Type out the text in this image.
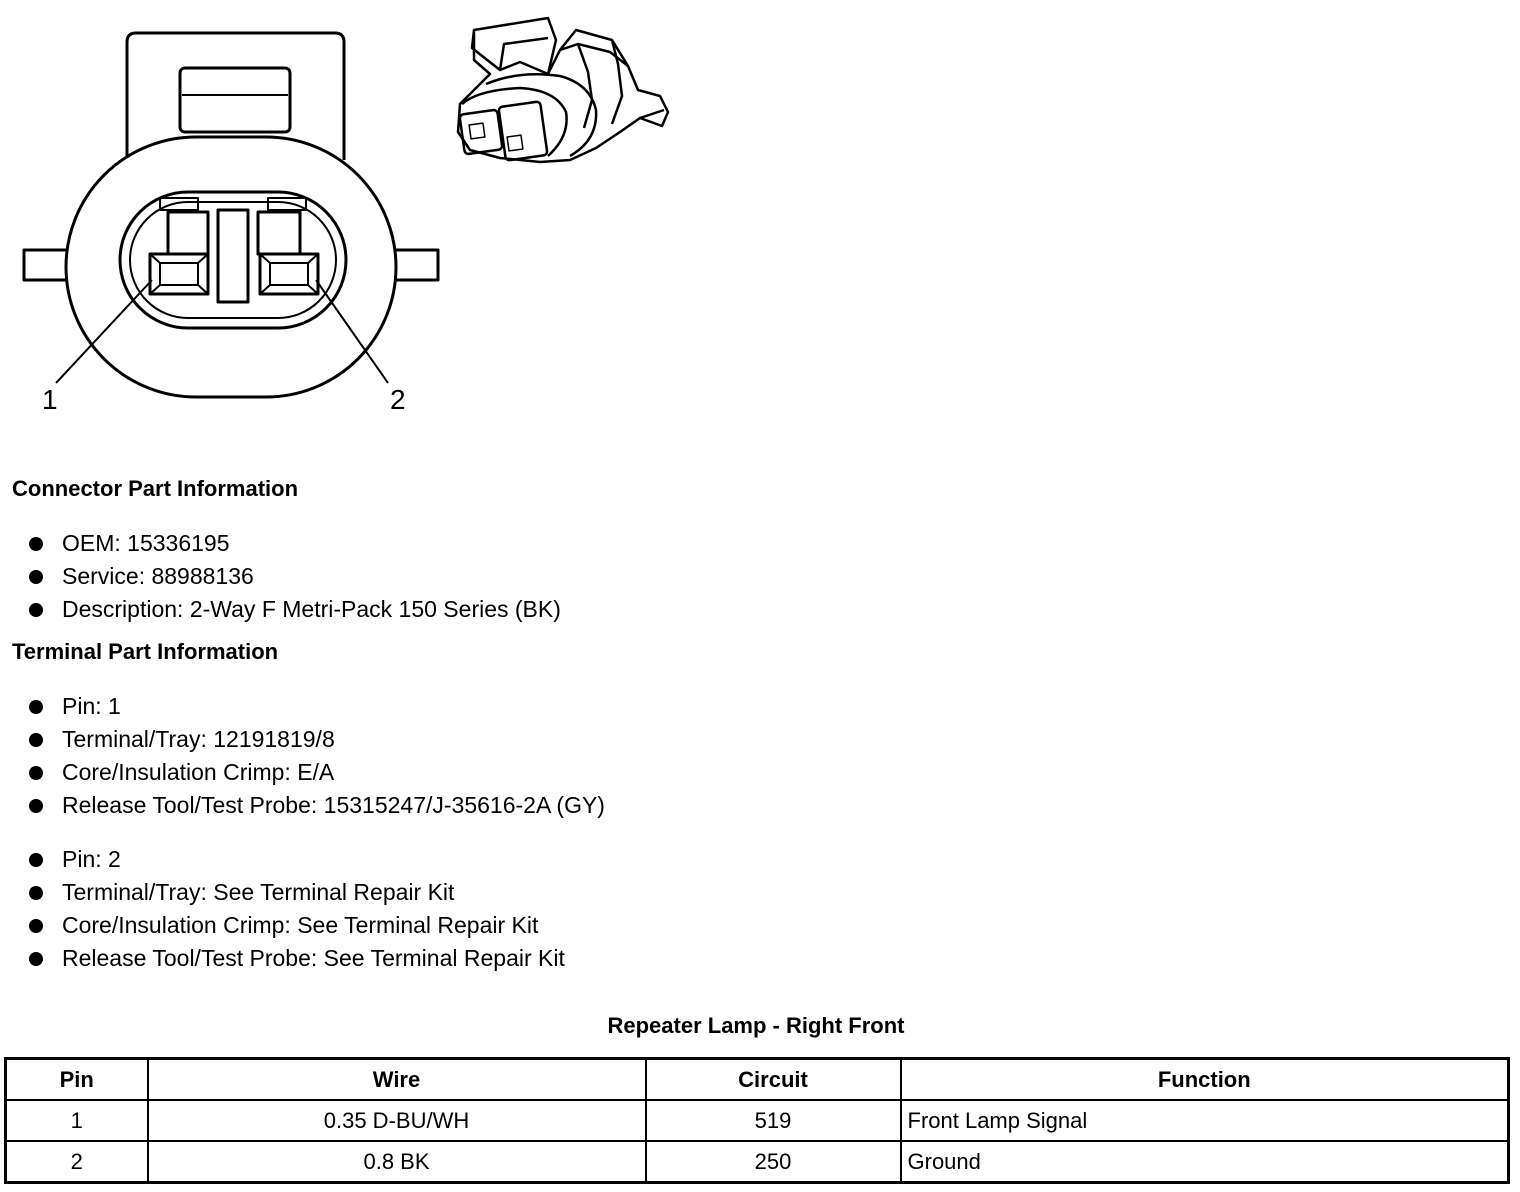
1	2
Connector Part Information
OEM: 15336195
Service: 88988136
Description: 2-Way F Metri-Pack 150 Series (BK)
Terminal Part Information
Pin: 1
Terminal/Tray: 12191819/8
Core/Insulation Crimp: E/A
Release Tool/Test Probe: 15315247/J-35616-2A (GY)
Pin: 2
Terminal/Tray: See Terminal Repair Kit
Core/Insulation Crimp: See Terminal Repair Kit
Release Tool/Test Probe: See Terminal Repair Kit
Repeater Lamp - Right Front
Pin	Wire	Circuit	Function
1	0.35 D-BU/WH	519	Front Lamp Signal
2	0.8 BK	250	Ground
